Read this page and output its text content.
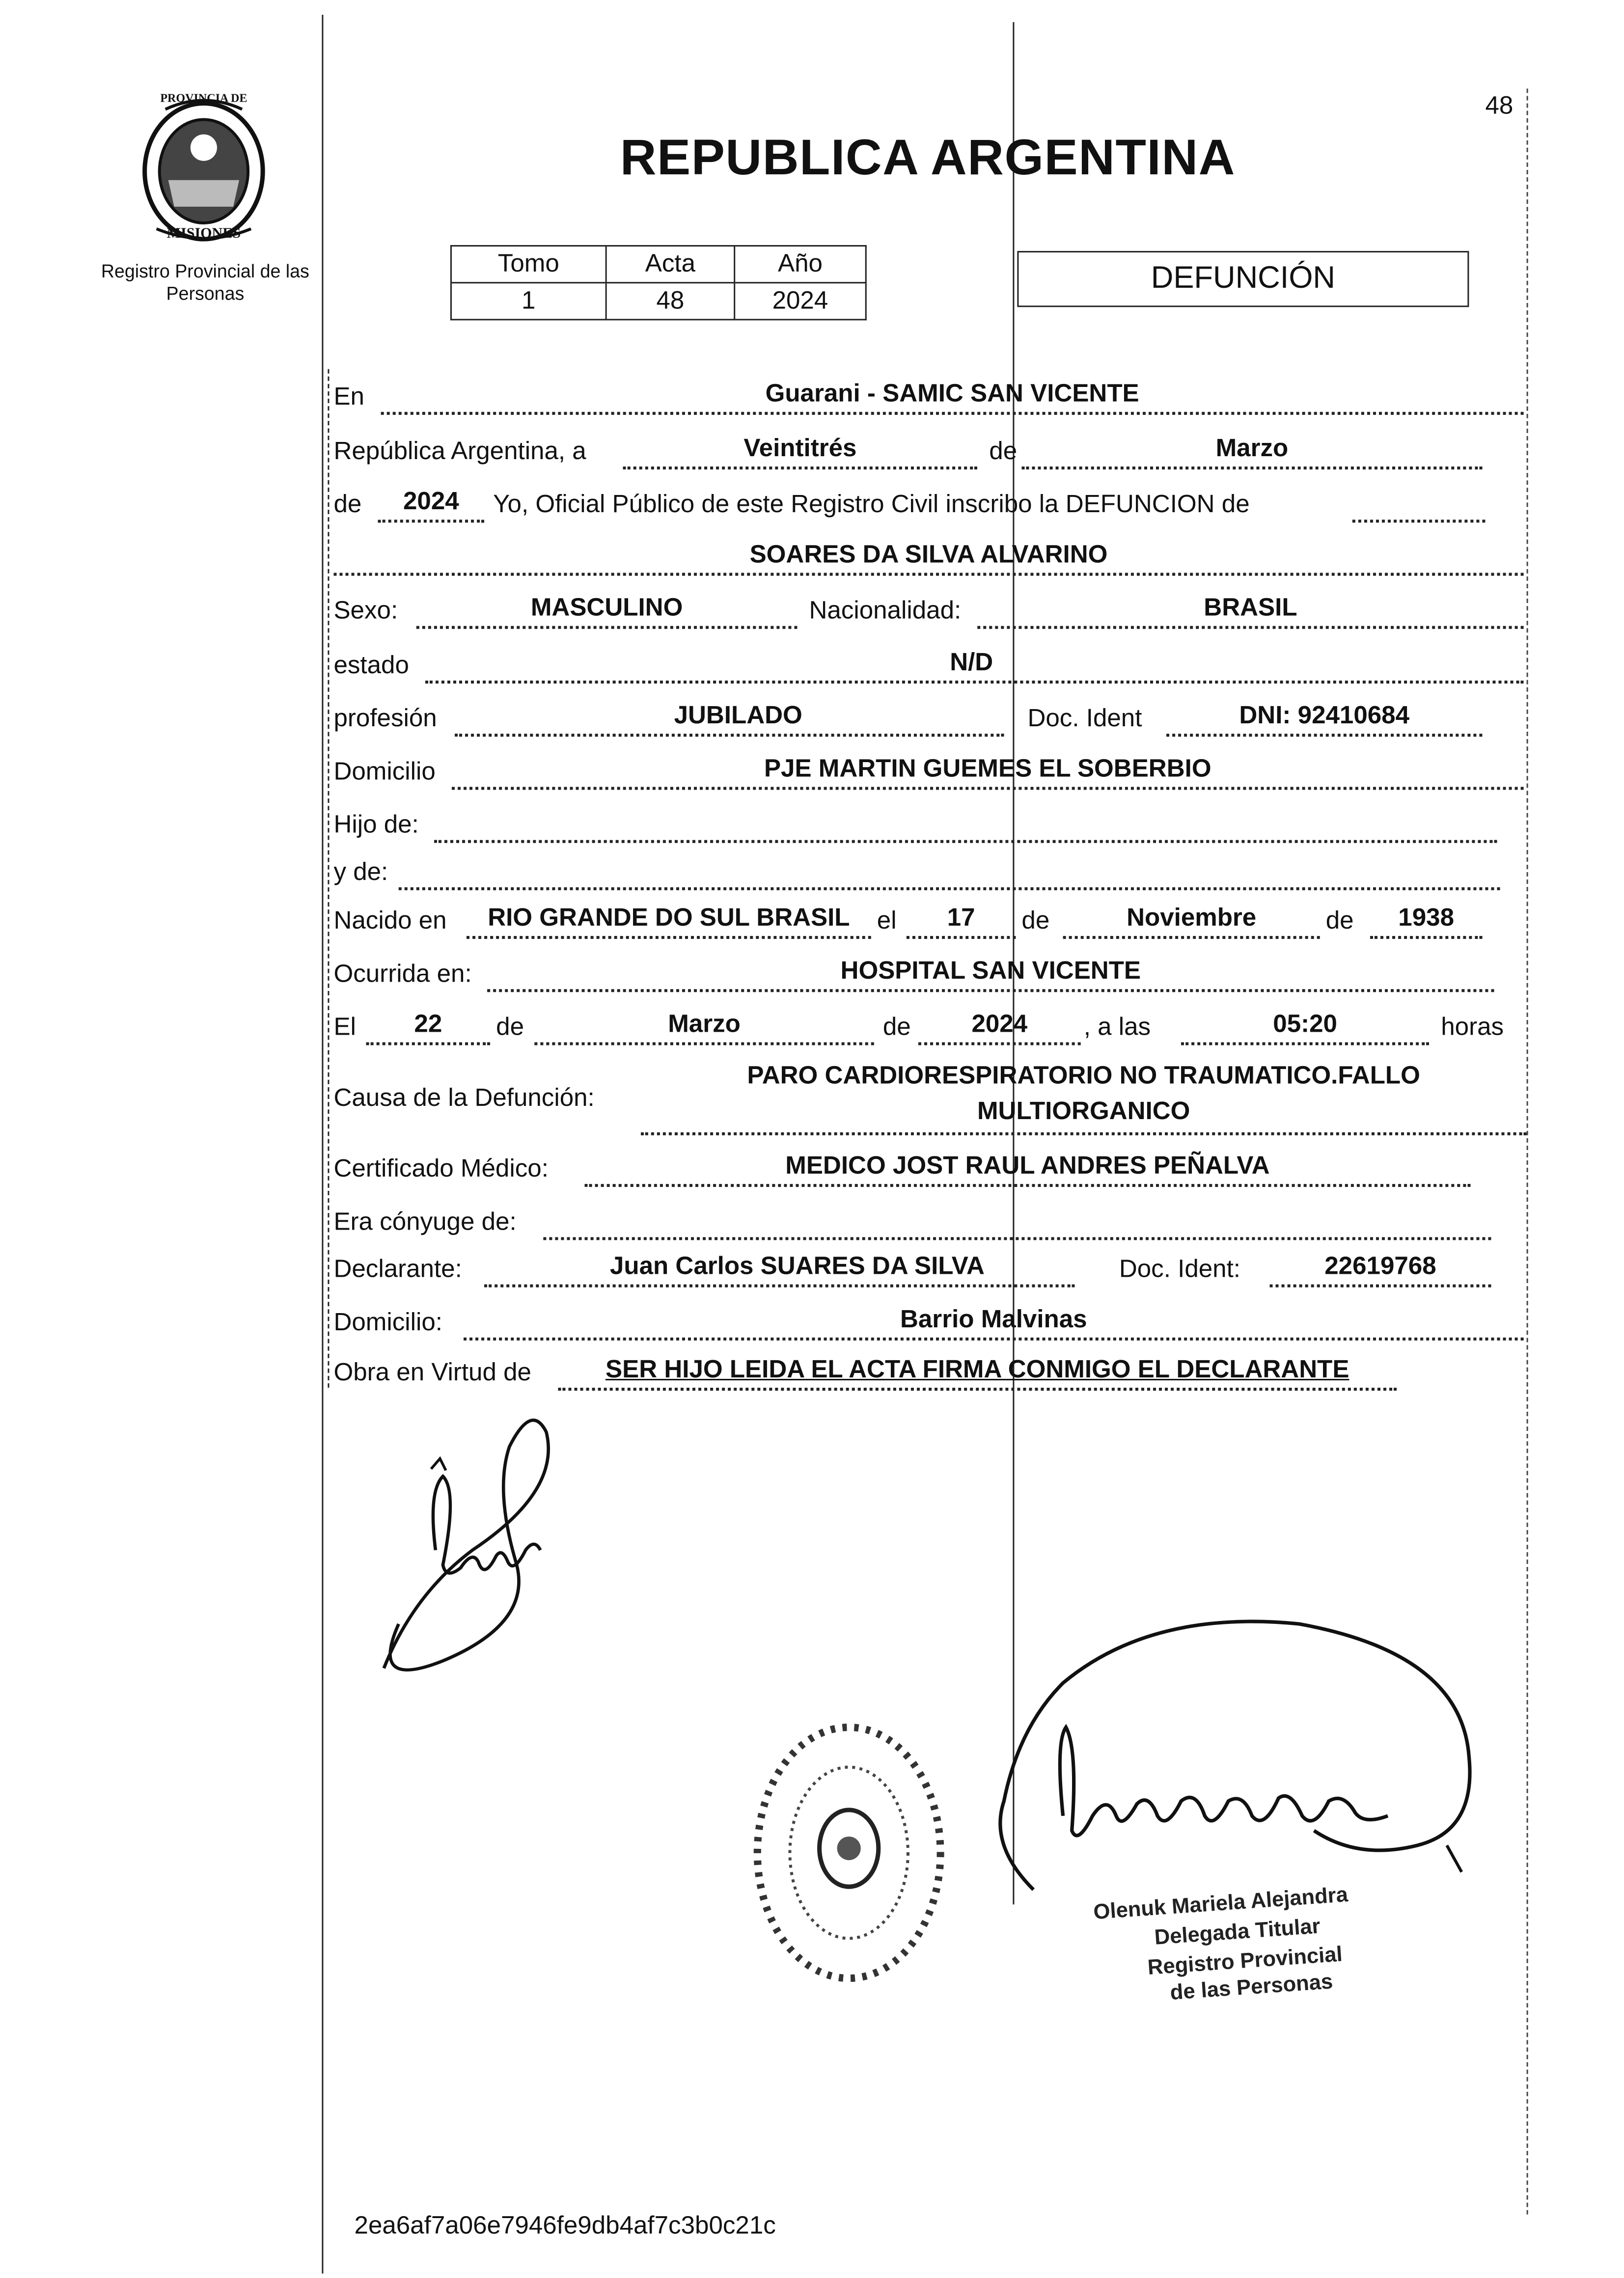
PROVINCIA DE
MISIONES
Registro Provincial de las Personas
48
REPUBLICA ARGENTINA
Tomo	Acta	Año
1	48	2024
DEFUNCIÓN
En	Guarani - SAMIC SAN VICENTE
República Argentina, a	Veintitrés	de	Marzo
de	2024	Yo, Oficial Público de este Registro Civil inscribo la DEFUNCION de
SOARES DA SILVA ALVARINO
Sexo:	MASCULINO	Nacionalidad:	BRASIL
estado	N/D
profesión	JUBILADO	Doc. Ident	DNI: 92410684
Domicilio	PJE MARTIN GUEMES EL SOBERBIO
Hijo de:
y de:
Nacido en	RIO GRANDE DO SUL BRASIL	el	17	de	Noviembre	de	1938
Ocurrida en:	HOSPITAL SAN VICENTE
El	22	de	Marzo	de	2024	, a las	05:20	horas
Causa de la Defunción:
PARO CARDIORESPIRATORIO NO TRAUMATICO.FALLO
MULTIORGANICO
Certificado Médico:	MEDICO JOST RAUL ANDRES PEÑALVA
Era cónyuge de:
Declarante:	Juan Carlos SUARES DA SILVA	Doc. Ident:	22619768
Domicilio:	Barrio Malvinas
Obra en Virtud de	SER HIJO LEIDA EL ACTA FIRMA CONMIGO EL DECLARANTE
Olenuk Mariela Alejandra
Delegada Titular
Registro Provincial
de las Personas
2ea6af7a06e7946fe9db4af7c3b0c21c
